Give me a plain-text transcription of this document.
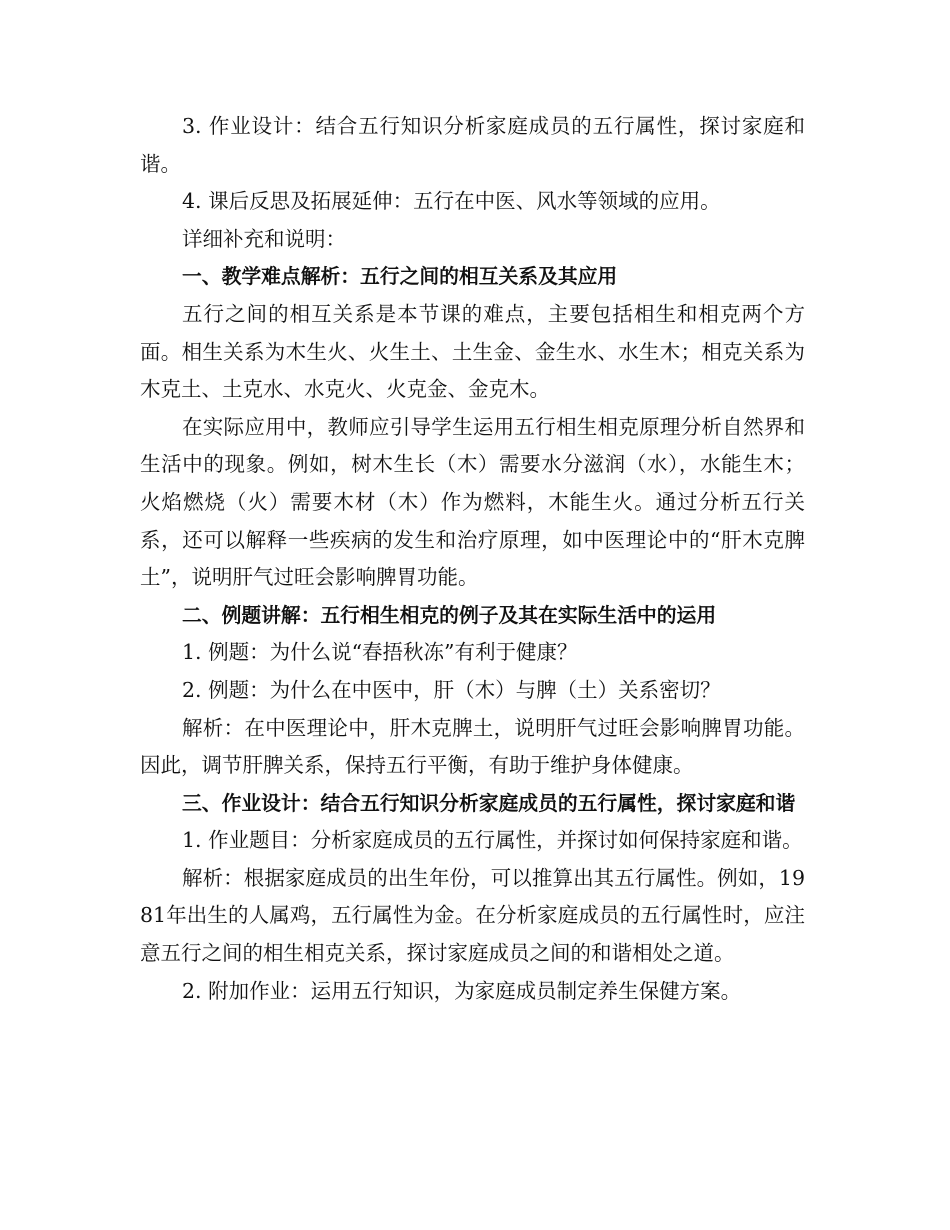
3. 作业设计：结合五行知识分析家庭成员的五行属性，探讨家庭和谐。

4. 课后反思及拓展延伸：五行在中医、风水等领域的应用。

详细补充和说明：

一、教学难点解析：五行之间的相互关系及其应用

五行之间的相互关系是本节课的难点，主要包括相生和相克两个方面。相生关系为木生火、火生土、土生金、金生水、水生木；相克关系为木克土、土克水、水克火、火克金、金克木。

在实际应用中，教师应引导学生运用五行相生相克原理分析自然界和生活中的现象。例如，树木生长（木）需要水分滋润（水），水能生木；火焰燃烧（火）需要木材（木）作为燃料，木能生火。通过分析五行关系，还可以解释一些疾病的发生和治疗原理，如中医理论中的“肝木克脾土”，说明肝气过旺会影响脾胃功能。

二、例题讲解：五行相生相克的例子及其在实际生活中的运用

1. 例题：为什么说“春捂秋冻”有利于健康？

2. 例题：为什么在中医中，肝（木）与脾（土）关系密切？

解析：在中医理论中，肝木克脾土，说明肝气过旺会影响脾胃功能。因此，调节肝脾关系，保持五行平衡，有助于维护身体健康。

三、作业设计：结合五行知识分析家庭成员的五行属性，探讨家庭和谐

1. 作业题目：分析家庭成员的五行属性，并探讨如何保持家庭和谐。

解析：根据家庭成员的出生年份，可以推算出其五行属性。例如，1981年出生的人属鸡，五行属性为金。在分析家庭成员的五行属性时，应注意五行之间的相生相克关系，探讨家庭成员之间的和谐相处之道。

2. 附加作业：运用五行知识，为家庭成员制定养生保健方案。
